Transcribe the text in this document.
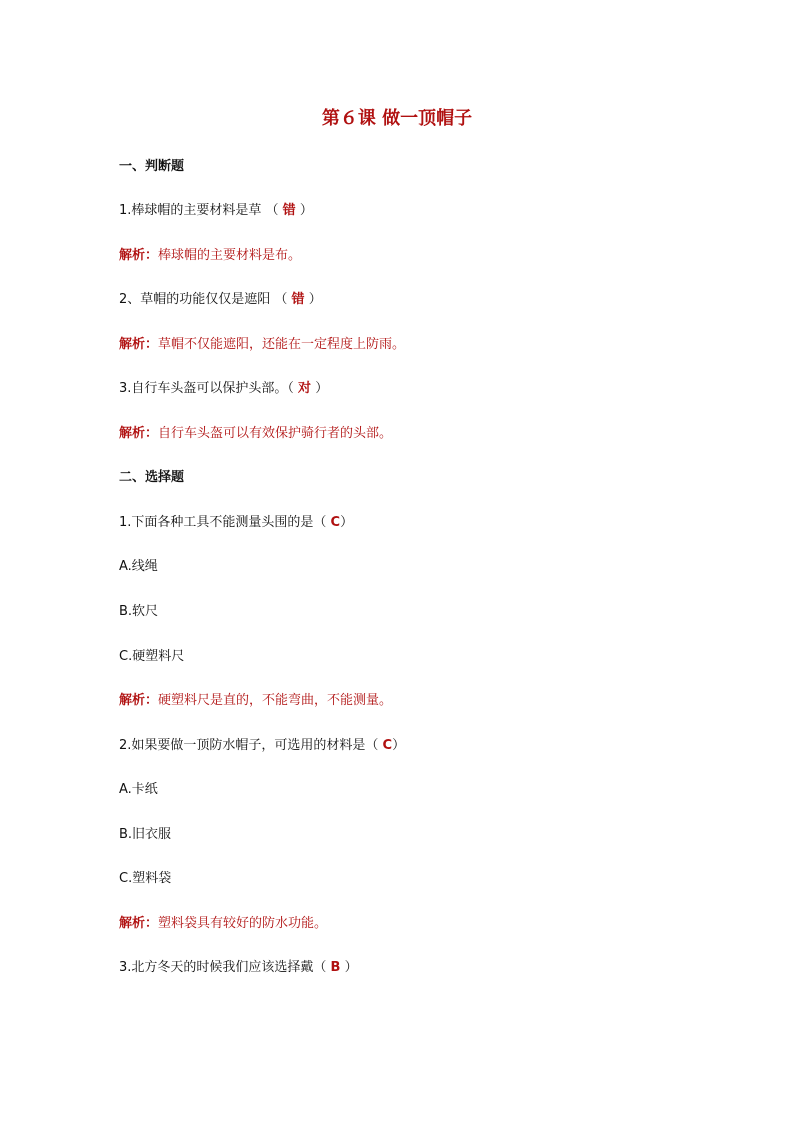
第６课 做一顶帽子
一、判断题
1.棒球帽的主要材料是草 （ 错 ）
解析：棒球帽的主要材料是布。
2、草帽的功能仅仅是遮阳 （ 错 ）
解析：草帽不仅能遮阳，还能在一定程度上防雨。
3.自行车头盔可以保护头部。（ 对 ）
解析：自行车头盔可以有效保护骑行者的头部。
二、选择题
1.下面各种工具不能测量头围的是（ C）
A.线绳
B.软尺
C.硬塑料尺
解析：硬塑料尺是直的，不能弯曲，不能测量。
2.如果要做一顶防水帽子，可选用的材料是（ C）
A.卡纸
B.旧衣服
C.塑料袋
解析：塑料袋具有较好的防水功能。
3.北方冬天的时候我们应该选择戴（ B ）
